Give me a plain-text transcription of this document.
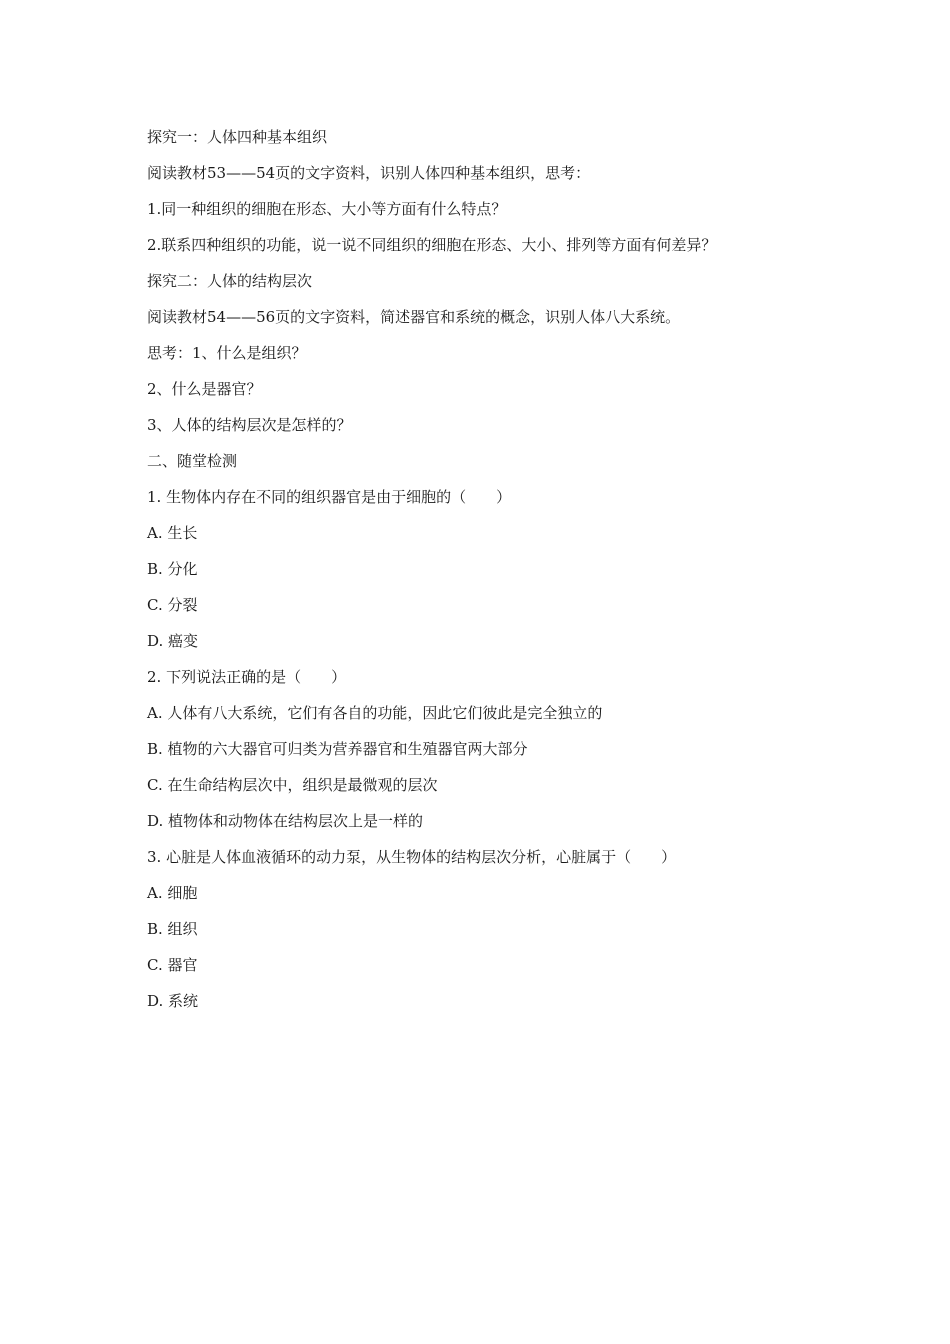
探究一：人体四种基本组织
阅读教材53——54页的文字资料，识别人体四种基本组织，思考：
1.同一种组织的细胞在形态、大小等方面有什么特点？
2.联系四种组织的功能，说一说不同组织的细胞在形态、大小、排列等方面有何差异？
探究二：人体的结构层次
阅读教材54——56页的文字资料，简述器官和系统的概念，识别人体八大系统。
思考：1、什么是组织？
2、什么是器官？
3、人体的结构层次是怎样的？
二、随堂检测
1. 生物体内存在不同的组织器官是由于细胞的（　　）
A. 生长
B. 分化
C. 分裂
D. 癌变
2. 下列说法正确的是（　　）
A. 人体有八大系统，它们有各自的功能，因此它们彼此是完全独立的
B. 植物的六大器官可归类为营养器官和生殖器官两大部分
C. 在生命结构层次中，组织是最微观的层次
D. 植物体和动物体在结构层次上是一样的
3. 心脏是人体血液循环的动力泵，从生物体的结构层次分析，心脏属于（　　）
A. 细胞
B. 组织
C. 器官
D. 系统
